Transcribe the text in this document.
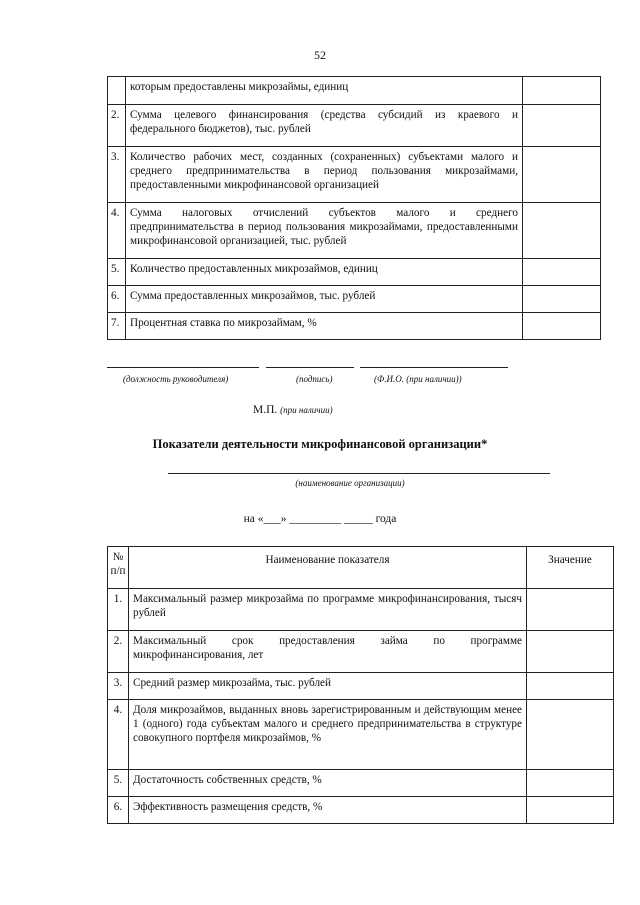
52
	которым предоставлены микрозаймы, единиц	
2.	Сумма целевого финансирования (средства субсидий из краевого и федерального бюджетов), тыс. рублей	
3.	Количество рабочих мест, созданных (сохраненных) субъектами малого и среднего предпринимательства в период пользования микрозаймами, предоставленными микрофинансовой организацией	
4.	Сумма налоговых отчислений субъектов малого и среднего предпринимательства в период пользования микрозаймами, предоставленными микрофинансовой организацией, тыс. рублей	
5.	Количество предоставленных микрозаймов, единиц	
6.	Сумма предоставленных микрозаймов, тыс. рублей	
7.	Процентная ставка по микрозаймам, %	
(должность руководителя)	(подпись)	(Ф.И.О. (при наличии))
М.П. (при наличии)
Показатели деятельности микрофинансовой организации*
(наименование организации)
на «___» _________ _____ года
№ п/п	Наименование показателя	Значение
1.	Максимальный размер микрозайма по программе микрофинансирования, тысяч рублей	
2.	Максимальный срок предоставления займа по программе микрофинансирования, лет	
3.	Средний размер микрозайма, тыс. рублей	
4.	Доля микрозаймов, выданных вновь зарегистрированным и действующим менее 1 (одного) года субъектам малого и среднего предпринимательства в структуре совокупного портфеля микрозаймов, %	
5.	Достаточность собственных средств, %	
6.	Эффективность размещения средств, %	
